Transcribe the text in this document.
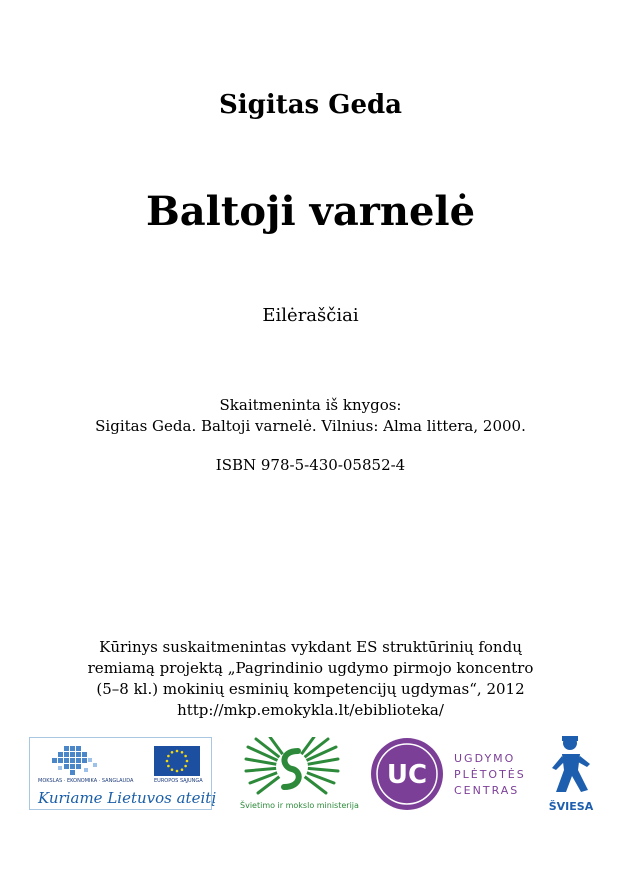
Sigitas Geda
Baltoji varnelė
Eilėraščiai
Skaitmeninta iš knygos:
Sigitas Geda. Baltoji varnelė. Vilnius: Alma littera, 2000.
ISBN 978-5-430-05852-4
Kūrinys suskaitmenintas vykdant ES struktūrinių fondų
remiamą projektą „Pagrindinio ugdymo pirmojo koncentro
(5–8 kl.) mokinių esminių kompetencijų ugdymas“, 2012
http://mkp.emokykla.lt/ebiblioteka/
MOKSLAS · EKONOMIKA · SANGLAUDA	EUROPOS SĄJUNGA
Kuriame Lietuvos ateitį	Švietimo ir mokslo ministerija
UC
UGDYMO
PLĖTOTĖS
CENTRAS
ŠVIESA
